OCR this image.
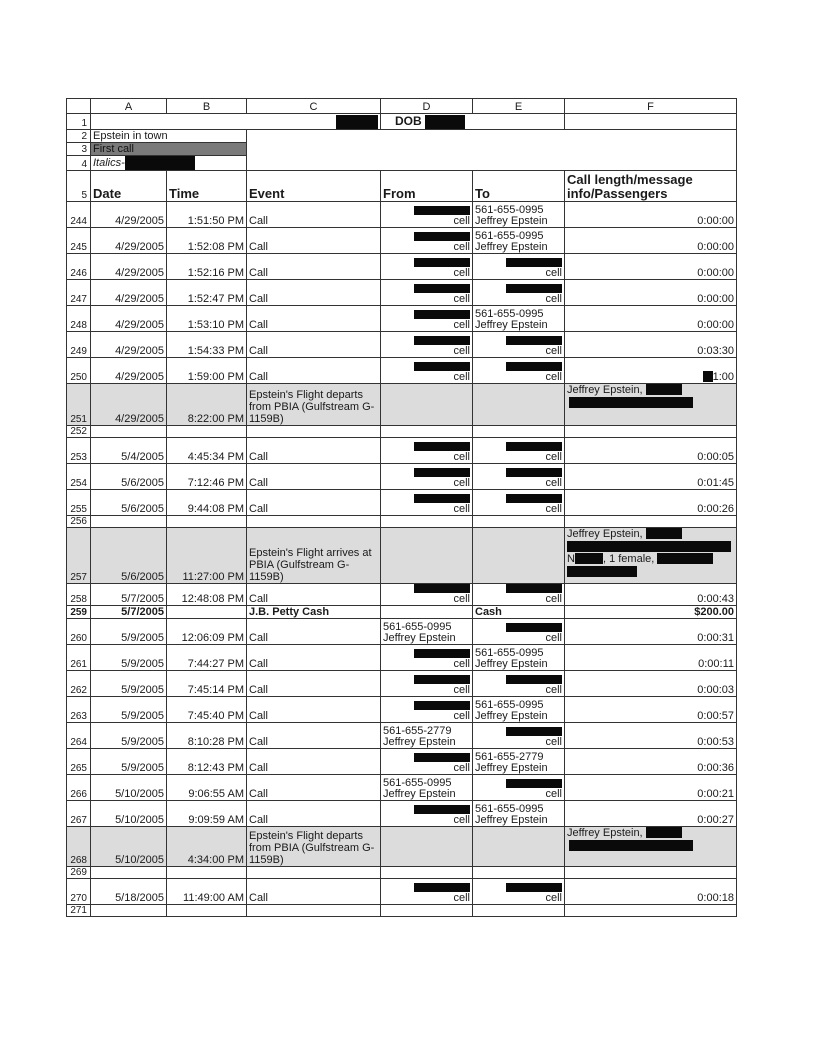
	A	B	C	D	E	F
1				DOB		
2	Epstein in town					
3	First call					
4	Italics-					
5	Date	Time	Event	From	To	Call length/message info/Passengers
244	4/29/2005	1:51:50 PM	Call	cell	561-655-0995
Jeffrey Epstein	0:00:00
245	4/29/2005	1:52:08 PM	Call	cell	561-655-0995
Jeffrey Epstein	0:00:00
246	4/29/2005	1:52:16 PM	Call	cell	cell	0:00:00
247	4/29/2005	1:52:47 PM	Call	cell	cell	0:00:00
248	4/29/2005	1:53:10 PM	Call	cell	561-655-0995
Jeffrey Epstein	0:00:00
249	4/29/2005	1:54:33 PM	Call	cell	cell	0:03:30
250	4/29/2005	1:59:00 PM	Call	cell	cell	1:00
251	4/29/2005	8:22:00 PM	Epstein's Flight departs from PBIA (Gulfstream G-1159B)			Jeffrey Epstein,

252						
253	5/4/2005	4:45:34 PM	Call	cell	cell	0:00:05
254	5/6/2005	7:12:46 PM	Call	cell	cell	0:01:45
255	5/6/2005	9:44:08 PM	Call	cell	cell	0:00:26
256						
257	5/6/2005	11:27:00 PM	Epstein's Flight arrives at PBIA (Gulfstream G-1159B)			Jeffrey Epstein,
N , 1 female,

258	5/7/2005	12:48:08 PM	Call	cell	cell	0:00:43
259	5/7/2005		J.B. Petty Cash		Cash	$200.00
260	5/9/2005	12:06:09 PM	Call	561-655-0995
Jeffrey Epstein	cell	0:00:31
261	5/9/2005	7:44:27 PM	Call	cell	561-655-0995
Jeffrey Epstein	0:00:11
262	5/9/2005	7:45:14 PM	Call	cell	cell	0:00:03
263	5/9/2005	7:45:40 PM	Call	cell	561-655-0995
Jeffrey Epstein	0:00:57
264	5/9/2005	8:10:28 PM	Call	561-655-2779
Jeffrey Epstein	cell	0:00:53
265	5/9/2005	8:12:43 PM	Call	cell	561-655-2779
Jeffrey Epstein	0:00:36
266	5/10/2005	9:06:55 AM	Call	561-655-0995
Jeffrey Epstein	cell	0:00:21
267	5/10/2005	9:09:59 AM	Call	cell	561-655-0995
Jeffrey Epstein	0:00:27
268	5/10/2005	4:34:00 PM	Epstein's Flight departs from PBIA (Gulfstream G-1159B)			Jeffrey Epstein,

269						
270	5/18/2005	11:49:00 AM	Call	cell	cell	0:00:18
271						
